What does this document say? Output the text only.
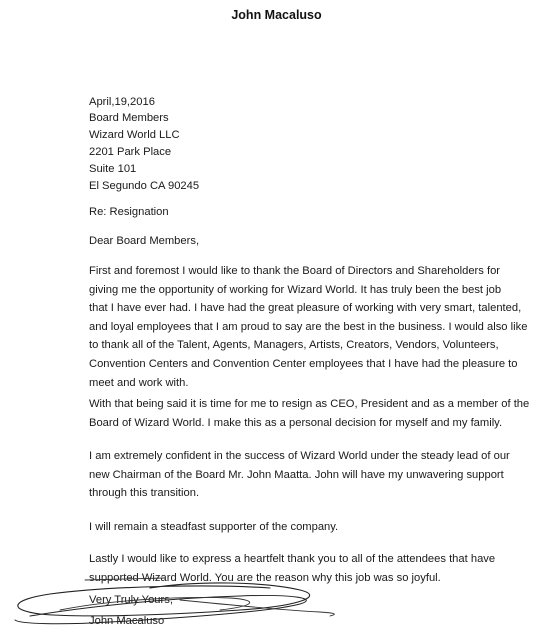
John Macaluso
April,19,2016
Board Members
Wizard World LLC
2201 Park Place
Suite 101
El Segundo CA 90245
Re: Resignation
Dear Board Members,
First and foremost I would like to thank the Board of Directors and Shareholders for
giving me the opportunity of working for Wizard World. It has truly been the best job
that I have ever had. I have had the great pleasure of working with very smart, talented,
and loyal employees that I am proud to say are the best in the business. I would also like
to thank all of the Talent, Agents, Managers, Artists, Creators, Vendors, Volunteers,
Convention Centers and Convention Center employees that I have had the pleasure to
meet and work with.
With that being said it is time for me to resign as CEO, President and as a member of the
Board of Wizard World. I make this as a personal decision for myself and my family.
I am extremely confident in the success of Wizard World under the steady lead of our
new Chairman of the Board Mr. John Maatta. John will have my unwavering support
through this transition.
I will remain a steadfast supporter of the company.
Lastly I would like to express a heartfelt thank you to all of the attendees that have
supported Wizard World. You are the reason why this job was so joyful.
Very Truly Yours,
John Macaluso
